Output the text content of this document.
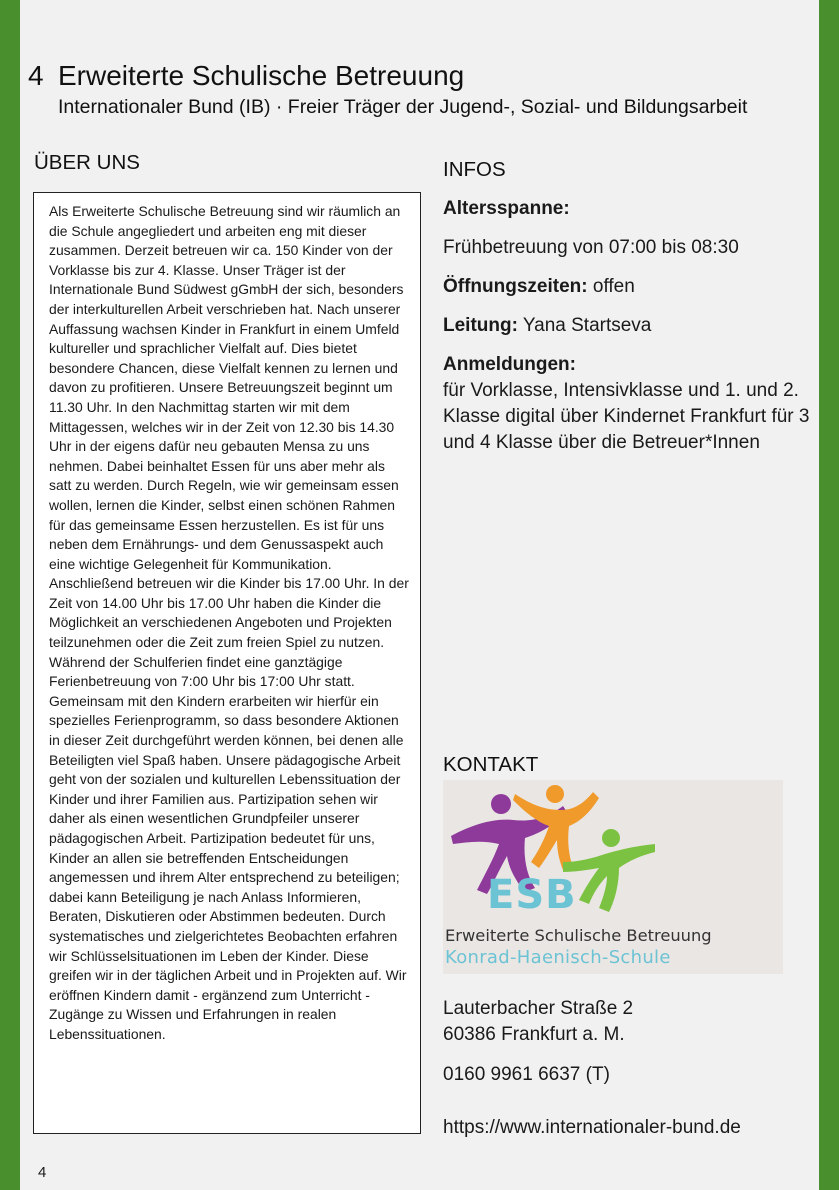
4 Erweiterte Schulische Betreuung
Internationaler Bund (IB) · Freier Träger der Jugend-, Sozial- und Bildungsarbeit
ÜBER UNS

Als Erweiterte Schulische Betreuung sind wir räumlich an die Schule angegliedert und arbeiten eng mit dieser zusammen. Derzeit betreuen wir ca. 150 Kinder von der Vorklasse bis zur 4. Klasse. Unser Träger ist der Internationale Bund Südwest gGmbH der sich, besonders der interkulturellen Arbeit verschrieben hat. Nach unserer Auffassung wachsen Kinder in Frankfurt in einem Umfeld kultureller und sprachlicher Vielfalt auf. Dies bietet besondere Chancen, diese Vielfalt kennen zu lernen und davon zu profitieren. Unsere Betreuungszeit beginnt um 11.30 Uhr. In den Nachmittag starten wir mit dem Mittagessen, welches wir in der Zeit von 12.30 bis 14.30 Uhr in der eigens dafür neu gebauten Mensa zu uns nehmen. Dabei beinhaltet Essen für uns aber mehr als satt zu werden. Durch Regeln, wie wir gemeinsam essen wollen, lernen die Kinder, selbst einen schönen Rahmen für das gemeinsame Essen herzustellen. Es ist für uns neben dem Ernährungs- und dem Genussaspekt auch eine wichtige Gelegenheit für Kommunikation. Anschließend betreuen wir die Kinder bis 17.00 Uhr. In der Zeit von 14.00 Uhr bis 17.00 Uhr haben die Kinder die Möglichkeit an verschiedenen Angeboten und Projekten teilzunehmen oder die Zeit zum freien Spiel zu nutzen. Während der Schulferien findet eine ganztägige Ferienbetreuung von 7:00 Uhr bis 17:00 Uhr statt. Gemeinsam mit den Kindern erarbeiten wir hierfür ein spezielles Ferienprogramm, so dass besondere Aktionen in dieser Zeit durchgeführt werden können, bei denen alle Beteiligten viel Spaß haben. Unsere pädagogische Arbeit geht von der sozialen und kulturellen Lebenssituation der Kinder und ihrer Familien aus. Partizipation sehen wir daher als einen wesentlichen Grundpfeiler unserer pädagogischen Arbeit. Partizipation bedeutet für uns, Kinder an allen sie betreffenden Entscheidungen angemessen und ihrem Alter entsprechend zu beteiligen; dabei kann Beteiligung je nach Anlass Informieren, Beraten, Diskutieren oder Abstimmen bedeuten. Durch systematisches und zielgerichtetes Beobachten erfahren wir Schlüsselsituationen im Leben der Kinder. Diese greifen wir in der täglichen Arbeit und in Projekten auf. Wir eröffnen Kindern damit - ergänzend zum Unterricht - Zugänge zu Wissen und Erfahrungen in realen Lebenssituationen.

INFOS

Altersspanne:

Frühbetreuung von 07:00 bis 08:30

Öffnungszeiten: offen

Leitung: Yana Startseva

Anmeldungen:
für Vorklasse, Intensivklasse und 1. und 2. Klasse digital über Kindernet Frankfurt für 3 und 4 Klasse über die Betreuer*Innen

KONTAKT
ESB
Erweiterte Schulische Betreuung
Konrad-Haenisch-Schule
Lauterbacher Straße 2
60386 Frankfurt a. M.
0160 9961 6637 (T)
https://www.internationaler-bund.de
4
